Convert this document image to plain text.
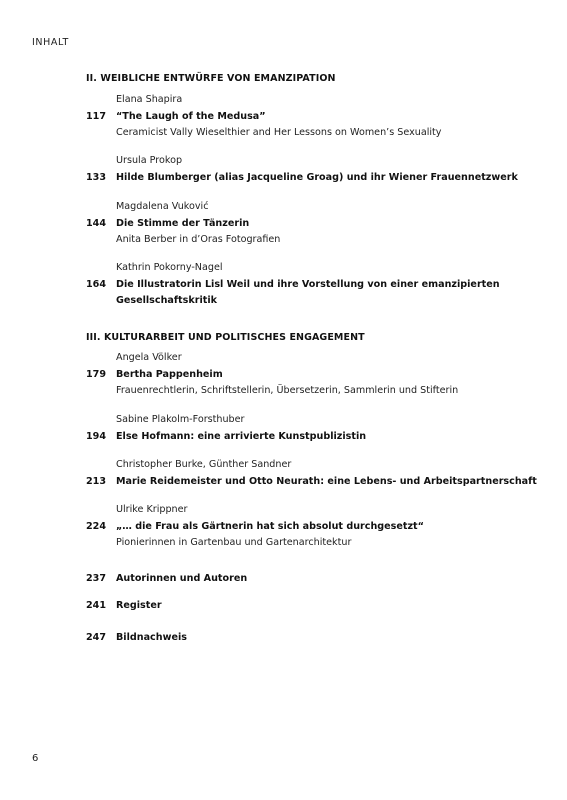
INHALT
II. WEIBLICHE ENTWÜRFE VON EMANZIPATION
Elana Shapira
117	“The Laugh of the Medusa”
Ceramicist Vally Wieselthier and Her Lessons on Women’s Sexuality
Ursula Prokop
133	Hilde Blumberger (alias Jacqueline Groag) und ihr Wiener Frauennetzwerk
Magdalena Vuković
144	Die Stimme der Tänzerin
Anita Berber in d’Oras Fotografien
Kathrin Pokorny-Nagel
164	Die Illustratorin Lisl Weil und ihre Vorstellung von einer emanzipierten
Gesellschaftskritik
III. KULTURARBEIT UND POLITISCHES ENGAGEMENT
Angela Völker
179	Bertha Pappenheim
Frauenrechtlerin, Schriftstellerin, Übersetzerin, Sammlerin und Stifterin
Sabine Plakolm-Forsthuber
194	Else Hofmann: eine arrivierte Kunstpublizistin
Christopher Burke, Günther Sandner
213	Marie Reidemeister und Otto Neurath: eine Lebens- und Arbeitspartnerschaft
Ulrike Krippner
224	„… die Frau als Gärtnerin hat sich absolut durchgesetzt“
Pionierinnen in Gartenbau und Gartenarchitektur
237	Autorinnen und Autoren
241	Register
247	Bildnachweis
6
